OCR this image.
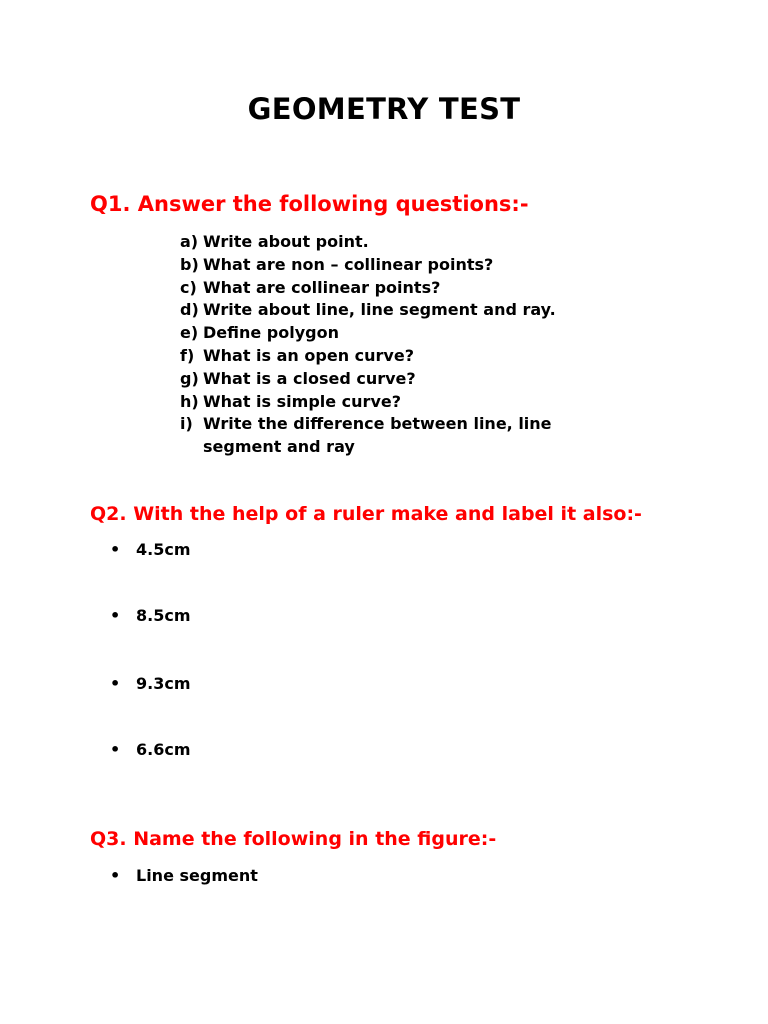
GEOMETRY TEST
Q1. Answer the following questions:-
a) Write about point.
b) What are non – collinear points?
c) What are collinear points?
d) Write about line, line segment and ray.
e) Define polygon
f) What is an open curve?
g) What is a closed curve?
h) What is simple curve?
i) Write the difference between line, line segment and ray
Q2. With the help of a ruler make and label it also:-
• 4.5cm
• 8.5cm
• 9.3cm
• 6.6cm
Q3. Name the following in the figure:-
• Line segment
